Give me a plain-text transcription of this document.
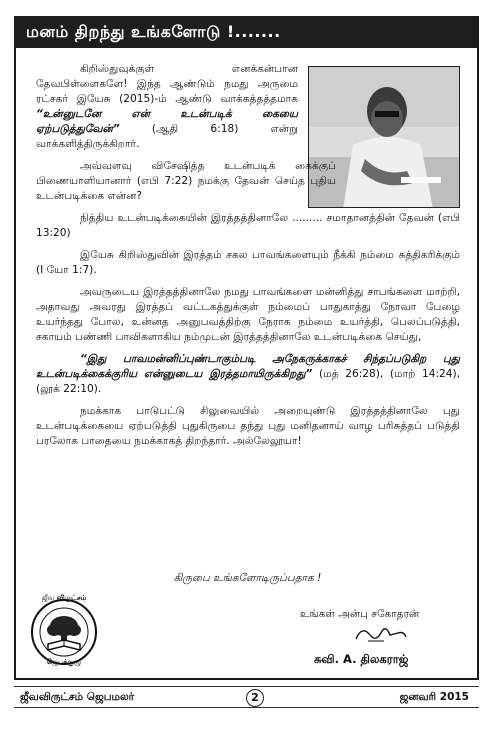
மனம் திறந்து உங்களோடு !.......

கிறிஸ்துவுக்குள் எனக்கன்பான தேவபிள்ளைகளே! இந்த ஆண்டும் நமது அருமை ரட்சகர் இயேசு (2015)-ம் ஆண்டு வாக்கத்தத்தமாக “உன்னுடனே என் உடன்படிக் கையை ஏற்படுத்துவேன்”	(ஆதி 6:18) என்று வாக்களித்திருக்கிறார்.

அவ்வளவு விசேஷித்த உடன்படிக் கைக்குப் பிணையாளியானார் (எபி 7:22) நமக்கு தேவன் செய்த புதிய உடன்படிக்கை என்ன?

நித்திய உடன்படிக்கையின் இரத்தத்தினாலே ......... சமாதானத்தின் தேவன் (எபி 13:20)

இயேசு கிறிஸ்துவின் இரத்தம் சகல பாவங்களையும் நீக்கி நம்மை சுத்திகரிக்கும் (I யோ 1:7).

அவருடைய இரத்தத்தினாலே நமது பாவங்களை மன்னித்து சாபங்களை மாற்றி, அதாவது அவரது இரத்தப் வட்டகத்துக்குள் நம்மைப் பாதுகாத்து நோவா பேழை உயர்ந்தது போல, உன்னத அனுபவத்திற்கு நேராக நம்மை உயர்த்தி, பெலப்படுத்தி, சகாயம் பண்ணி பாவிகளாகிய நம்முடன் இரத்தத்தினாலே உடன்படிக்கை செய்து,

“இது பாவமன்னிப்புண்டாகும்படி அநேகருக்காகச் சிந்தப்படுகிற புது உடன்படிக்கைக்குரிய என்னுடைய இரத்தமாயிருக்கிறது” (மத் 26:28), (மாற் 14:24), (லூக் 22:10).

நமக்காக பாடுபட்டு சிலுவையில் அறையுண்டு இரத்தத்தினாலே புது உடன்படிக்கையை ஏற்படுத்தி புதுகிருபை தந்து புது மனிதனாய் வாழ பரிசுத்தப் படுத்தி பரலோக பாதையை நமக்காகத் திறந்தார். அல்லேலூயா!

கிருபை உங்களோடிருப்பதாக !
ஜீவ விருட்சம்
ஜெபக்குழு
உங்கள் அன்பு சகோதரன்
சுவி. A. திலகராஜ்
ஜீவவிருட்சம் ஜெபமலர்	2	ஜனவரி 2015
